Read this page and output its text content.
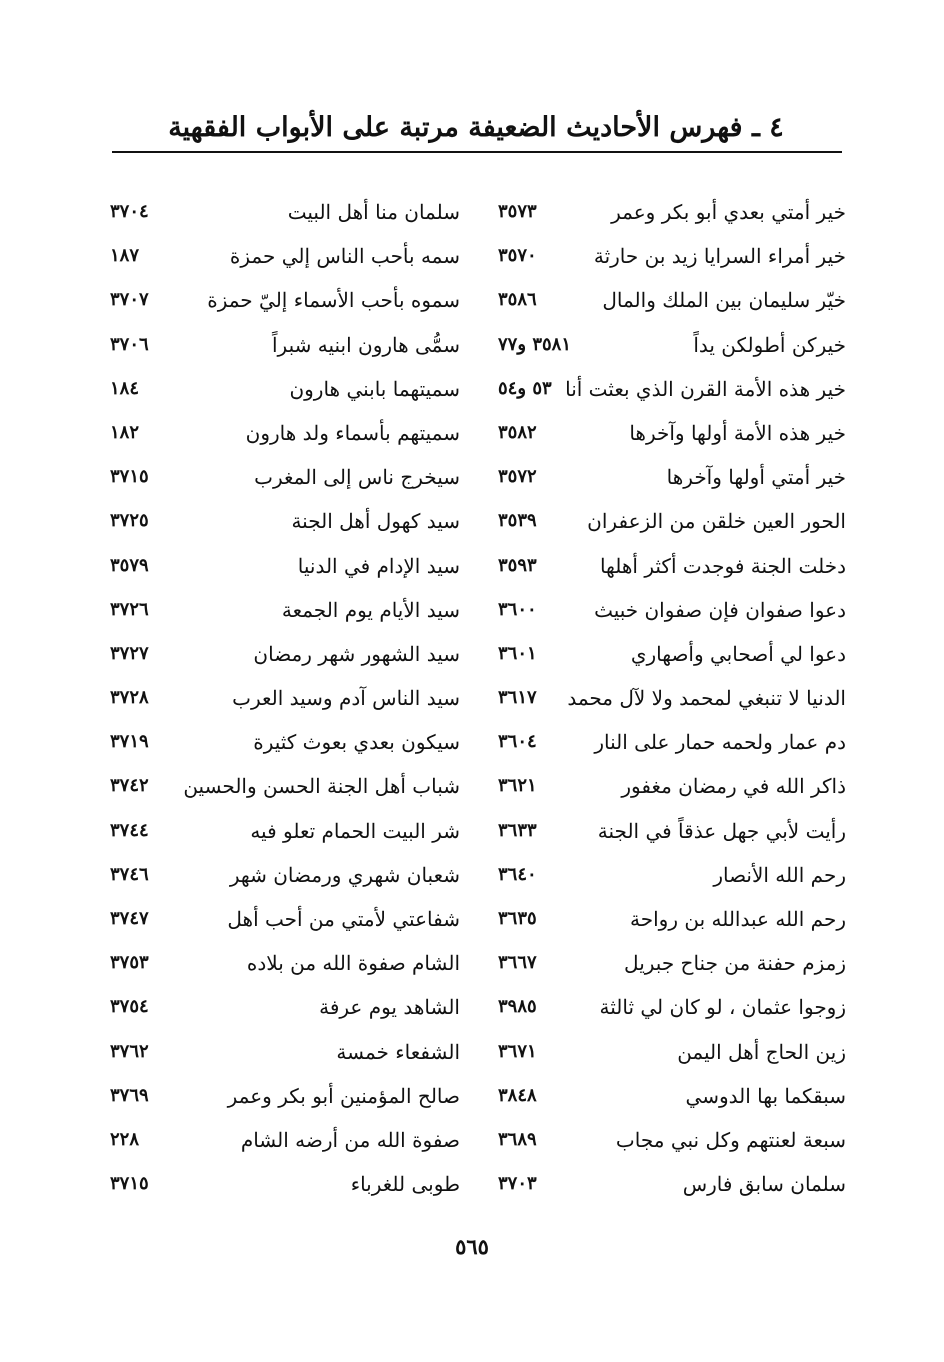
٤ ـ فهرس الأحاديث الضعيفة مرتبة على الأبواب الفقهية
خير أمتي بعدي أبو بكر وعمر
٣٥٧٣
سلمان منا أهل البيت
٣٧٠٤
خير أمراء السرايا زيد بن حارثة
٣٥٧٠
سمه بأحب الناس إلي حمزة
١٨٧
خيّر سليمان بين الملك والمال
٣٥٨٦
سموه بأحب الأسماء إليّ حمزة
٣٧٠٧
خيركن أطولكن يداً
٣٥٨١ و٧٧
سمُّى هارون ابنيه شبراً
٣٧٠٦
خير هذه الأمة القرن الذي بعثت أنا
٥٣ و٥٤
سميتهما بابني هارون
١٨٤
خير هذه الأمة أولها وآخرها
٣٥٨٢
سميتهم بأسماء ولد هارون
١٨٢
خير أمتي أولها وآخرها
٣٥٧٢
سيخرج ناس إلى المغرب
٣٧١٥
الحور العين خلقن من الزعفران
٣٥٣٩
سيد كهول أهل الجنة
٣٧٢٥
دخلت الجنة فوجدت أكثر أهلها
٣٥٩٣
سيد الإدام في الدنيا
٣٥٧٩
دعوا صفوان فإن صفوان خبيث
٣٦٠٠
سيد الأيام يوم الجمعة
٣٧٢٦
دعوا لي أصحابي وأصهاري
٣٦٠١
سيد الشهور شهر رمضان
٣٧٢٧
الدنيا لا تنبغي لمحمد ولا لآل محمد
٣٦١٧
سيد الناس آدم وسيد العرب
٣٧٢٨
دم عمار ولحمه حمار على النار
٣٦٠٤
سيكون بعدي بعوث كثيرة
٣٧١٩
ذاكر الله في رمضان مغفور
٣٦٢١
شباب أهل الجنة الحسن والحسين
٣٧٤٢
رأيت لأبي جهل عذقاً في الجنة
٣٦٣٣
شر البيت الحمام تعلو فيه
٣٧٤٤
رحم الله الأنصار
٣٦٤٠
شعبان شهري ورمضان شهر
٣٧٤٦
رحم الله عبدالله بن رواحة
٣٦٣٥
شفاعتي لأمتي من أحب أهل
٣٧٤٧
زمزم حفنة من جناح جبريل
٣٦٦٧
الشام صفوة الله من بلاده
٣٧٥٣
زوجوا عثمان ، لو كان لي ثالثة
٣٩٨٥
الشاهد يوم عرفة
٣٧٥٤
زين الحاج أهل اليمن
٣٦٧١
الشفعاء خمسة
٣٧٦٢
سبقكما بها الدوسي
٣٨٤٨
صالح المؤمنين أبو بكر وعمر
٣٧٦٩
سبعة لعنتهم وكل نبي مجاب
٣٦٨٩
صفوة الله من أرضه الشام
٢٢٨
سلمان سابق فارس
٣٧٠٣
طوبى للغرباء
٣٧١٥
٥٦٥
